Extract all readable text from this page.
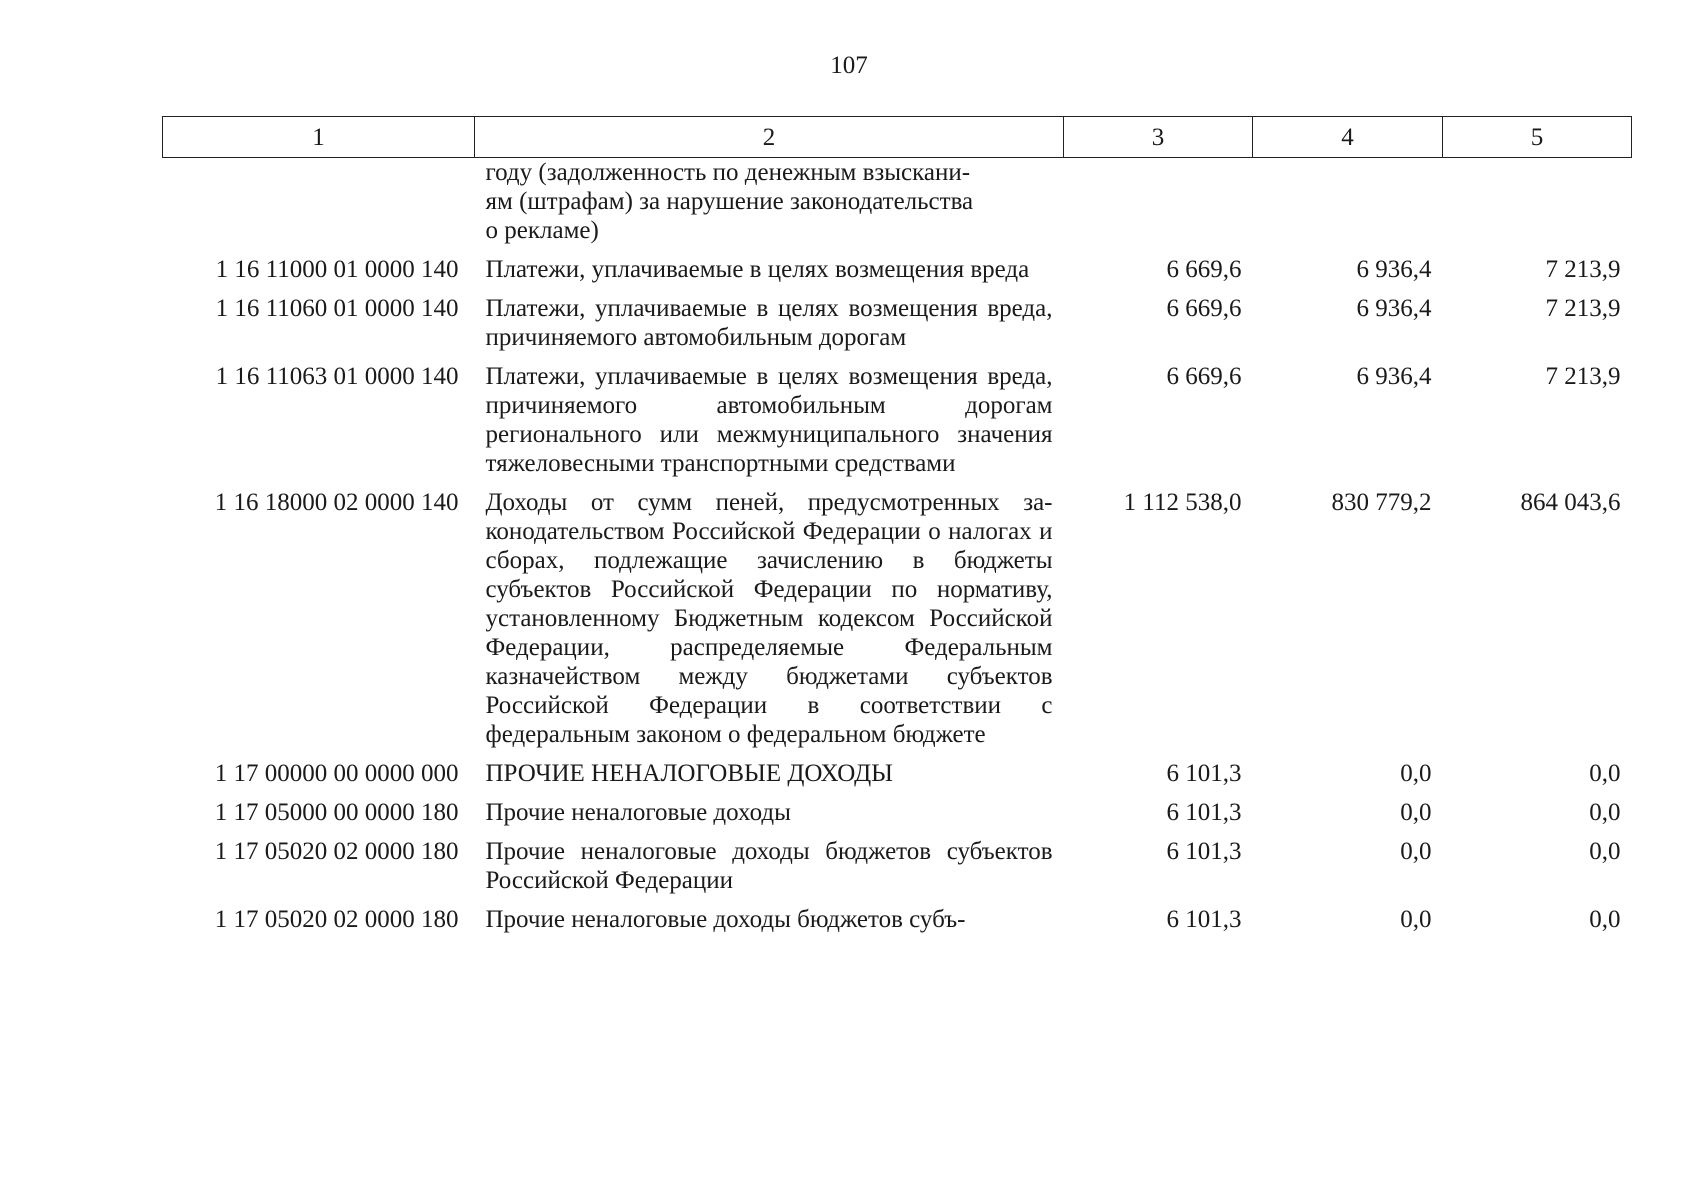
107
1	2	3	4	5
	году (задолженность по денежным взыскани-
ям (штрафам) за нарушение законодательства
о рекламе)			
1 16 11000 01 0000 140	Платежи, уплачиваемые в целях возмещения вреда	6 669,6	6 936,4	7 213,9
1 16 11060 01 0000 140	Платежи, уплачиваемые в целях возмещения вреда, причиняемого автомобильным дорогам	6 669,6	6 936,4	7 213,9
1 16 11063 01 0000 140	Платежи, уплачиваемые в целях возмещения вреда, причиняемого автомобильным дорогам регионального или межмуниципального значения тяжеловесными транспортными средствами	6 669,6	6 936,4	7 213,9
1 16 18000 02 0000 140	Доходы от сумм пеней, предусмотренных законодательством Российской Федерации о налогах и сборах, подлежащие зачислению в бюджеты субъектов Российской Федерации по нормативу, установленному Бюджетным кодексом Российской Федерации, распределяемые Федеральным казначейством между бюджетами субъектов Российской Федерации в соответствии с федеральным законом о федеральном бюджете	1 112 538,0	830 779,2	864 043,6
1 17 00000 00 0000 000	ПРОЧИЕ НЕНАЛОГОВЫЕ ДОХОДЫ	6 101,3	0,0	0,0
1 17 05000 00 0000 180	Прочие неналоговые доходы	6 101,3	0,0	0,0
1 17 05020 02 0000 180	Прочие неналоговые доходы бюджетов субъектов Российской Федерации	6 101,3	0,0	0,0
1 17 05020 02 0000 180	Прочие неналоговые доходы бюджетов субъ-	6 101,3	0,0	0,0
